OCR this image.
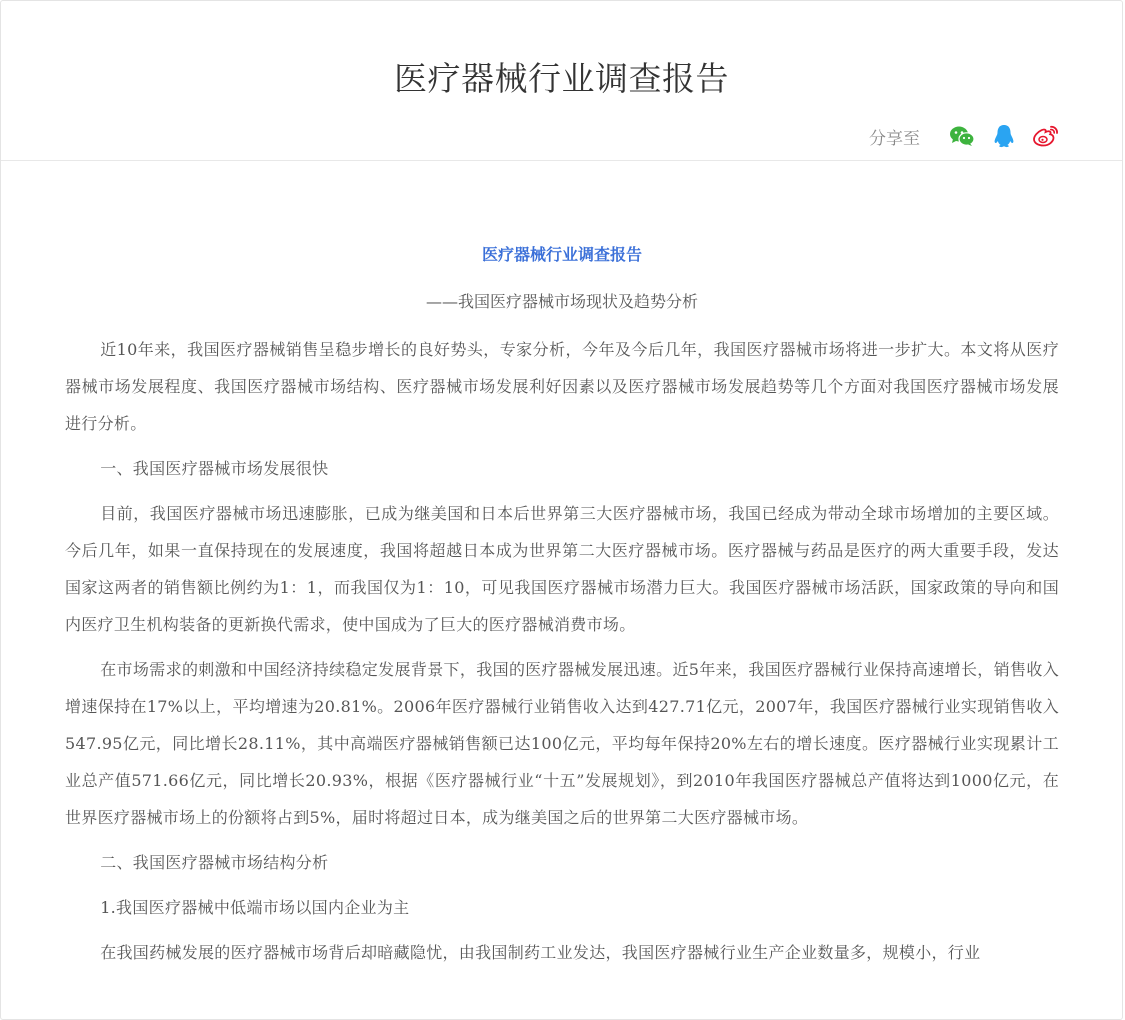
医疗器械行业调查报告
分享至
医疗器械行业调查报告
——我国医疗器械市场现状及趋势分析

近10年来，我国医疗器械销售呈稳步增长的良好势头，专家分析，今年及今后几年，我国医疗器械市场将进一步扩大。本文将从医疗器械市场发展程度、我国医疗器械市场结构、医疗器械市场发展利好因素以及医疗器械市场发展趋势等几个方面对我国医疗器械市场发展进行分析。

一、我国医疗器械市场发展很快

目前，我国医疗器械市场迅速膨胀，已成为继美国和日本后世界第三大医疗器械市场，我国已经成为带动全球市场增加的主要区域。今后几年，如果一直保持现在的发展速度，我国将超越日本成为世界第二大医疗器械市场。医疗器械与药品是医疗的两大重要手段，发达国家这两者的销售额比例约为1：1，而我国仅为1：10，可见我国医疗器械市场潜力巨大。我国医疗器械市场活跃，国家政策的导向和国内医疗卫生机构装备的更新换代需求，使中国成为了巨大的医疗器械消费市场。

在市场需求的刺激和中国经济持续稳定发展背景下，我国的医疗器械发展迅速。近5年来，我国医疗器械行业保持高速增长，销售收入增速保持在17%以上，平均增速为20.81%。2006年医疗器械行业销售收入达到427.71亿元，2007年，我国医疗器械行业实现销售收入547.95亿元，同比增长28.11%，其中高端医疗器械销售额已达100亿元，平均每年保持20%左右的增长速度。医疗器械行业实现累计工业总产值571.66亿元，同比增长20.93%，根据《医疗器械行业“十五”发展规划》，到2010年我国医疗器械总产值将达到1000亿元，在世界医疗器械市场上的份额将占到5%，届时将超过日本，成为继美国之后的世界第二大医疗器械市场。

二、我国医疗器械市场结构分析

1.我国医疗器械中低端市场以国内企业为主

在我国药械发展的医疗器械市场背后却暗藏隐忧，由我国制药工业发达，我国医疗器械行业生产企业数量多，规模小，行业
